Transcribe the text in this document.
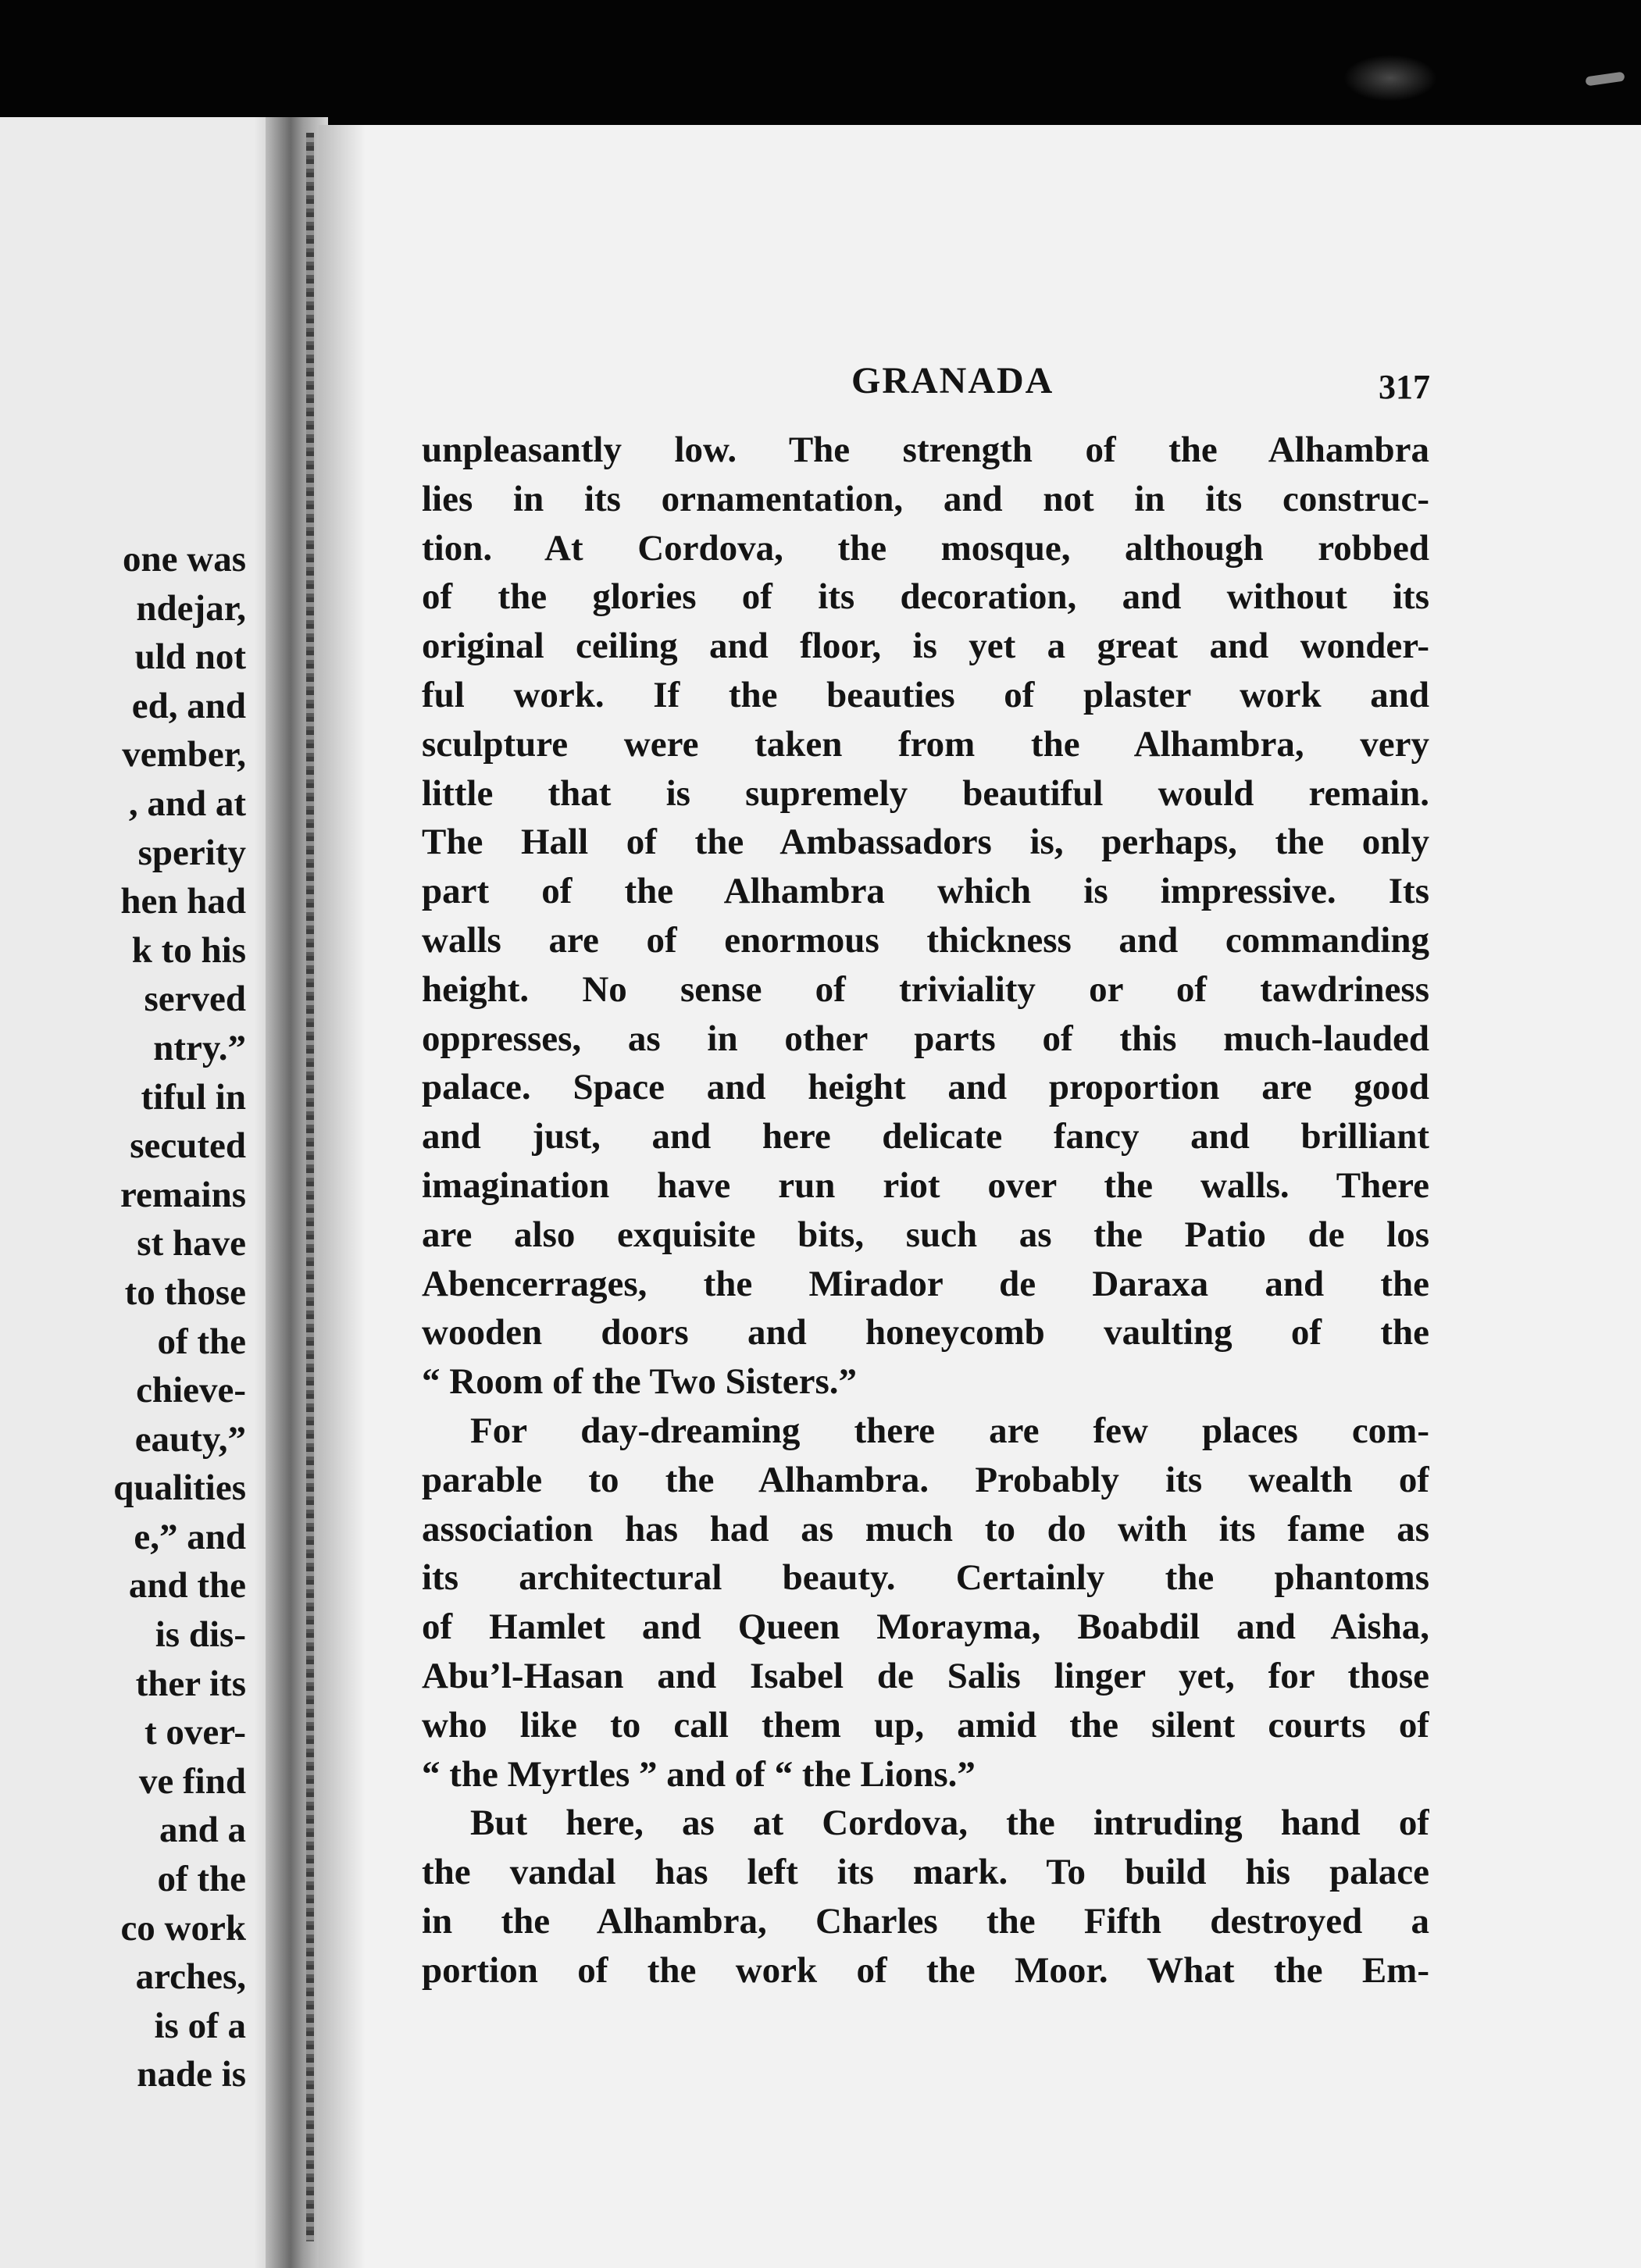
one was
ndejar,
uld not
ed, and
vember,
, and at
sperity
hen had
k to his
served
ntry.”
tiful in
secuted
remains
st have
to those
of the
chieve-
eauty,”
qualities
e,” and
and the
is dis-
ther its
t over-
ve find
and a
of the
co work
arches,
is of a
nade is
GRANADA	317
unpleasantly low. The strength of the Alhambra
lies in its ornamentation, and not in its construc-
tion. At Cordova, the mosque, although robbed
of the glories of its decoration, and without its
original ceiling and floor, is yet a great and wonder-
ful work. If the beauties of plaster work and
sculpture were taken from the Alhambra, very
little that is supremely beautiful would remain.
The Hall of the Ambassadors is, perhaps, the only
part of the Alhambra which is impressive. Its
walls are of enormous thickness and commanding
height. No sense of triviality or of tawdriness
oppresses, as in other parts of this much-lauded
palace. Space and height and proportion are good
and just, and here delicate fancy and brilliant
imagination have run riot over the walls. There
are also exquisite bits, such as the Patio de los
Abencerrages, the Mirador de Daraxa and the
wooden doors and honeycomb vaulting of the
“ Room of the Two Sisters.”
For day-dreaming there are few places com-
parable to the Alhambra. Probably its wealth of
association has had as much to do with its fame as
its architectural beauty. Certainly the phantoms
of Hamlet and Queen Morayma, Boabdil and Aisha,
Abu’l-Hasan and Isabel de Salis linger yet, for those
who like to call them up, amid the silent courts of
“ the Myrtles ” and of “ the Lions.”
But here, as at Cordova, the intruding hand of
the vandal has left its mark. To build his palace
in the Alhambra, Charles the Fifth destroyed a
portion of the work of the Moor. What the Em-
